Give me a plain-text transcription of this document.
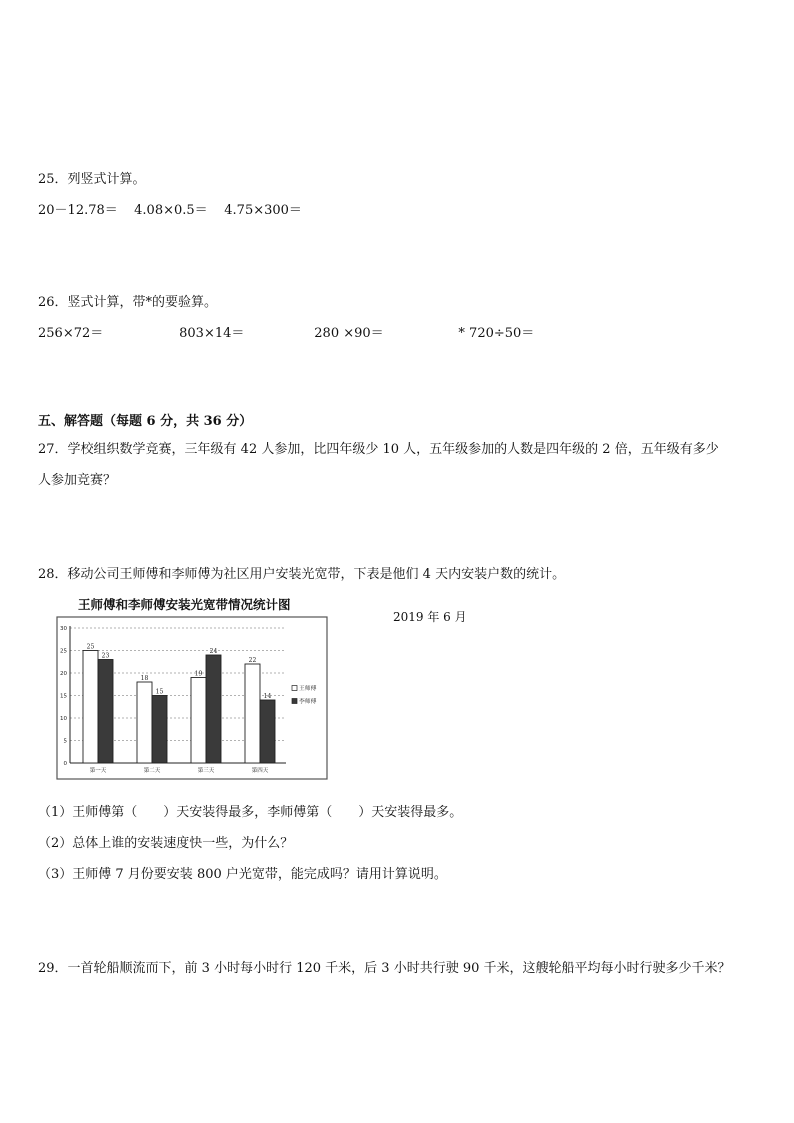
25．列竖式计算。
20－12.78＝ 4.08×0.5＝ 4.75×300＝
26．竖式计算，带*的要验算。
256×72＝	803×14＝	280 ×90＝	* 720÷50＝
五、解答题（每题 6 分，共 36 分）
27．学校组织数学竞赛，三年级有 42 人参加，比四年级少 10 人，五年级参加的人数是四年级的 2 倍，五年级有多少
人参加竞赛？
28．移动公司王师傅和李师傅为社区用户安装光宽带，下表是他们 4 天内安装户数的统计。
王师傅和李师傅安装光宽带情况统计图
2019 年 6 月
0
5
10
15
20
25
30
第一天	第二天	第三天	第四天
25
23
18
15
19
24
22
14
王师傅
李师傅
（1）王师傅第（　　）天安装得最多，李师傅第（　　）天安装得最多。
（2）总体上谁的安装速度快一些，为什么？
（3）王师傅 7 月份要安装 800 户光宽带，能完成吗？请用计算说明。
29．一首轮船顺流而下，前 3 小时每小时行 120 千米，后 3 小时共行驶 90 千米，这艘轮船平均每小时行驶多少千米？
